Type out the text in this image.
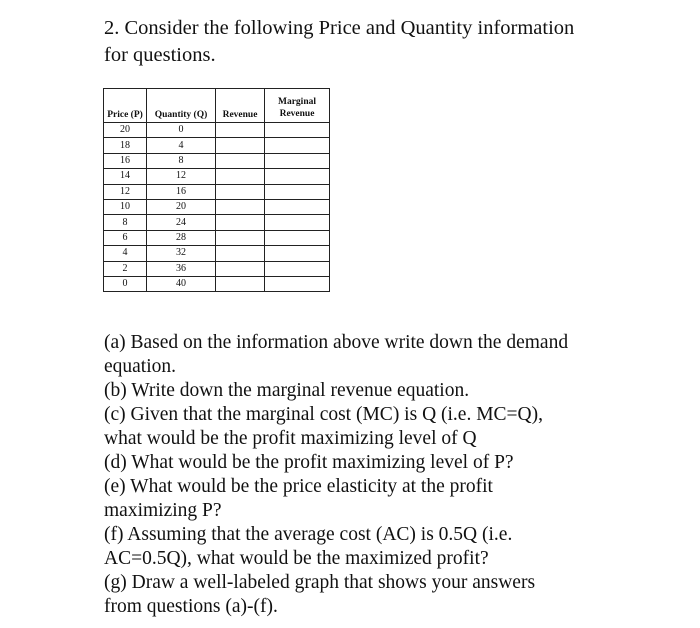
2. Consider the following Price and Quantity information
for questions.
Price (P)	Quantity (Q)	Revenue	Marginal
Revenue
20	0		
18	4		
16	8		
14	12		
12	16		
10	20		
8	24		
6	28		
4	32		
2	36		
0	40		
(a) Based on the information above write down the demand
equation.
(b) Write down the marginal revenue equation.
(c) Given that the marginal cost (MC) is Q (i.e. MC=Q),
what would be the profit maximizing level of Q
(d) What would be the profit maximizing level of P?
(e) What would be the price elasticity at the profit
maximizing P?
(f) Assuming that the average cost (AC) is 0.5Q (i.e.
AC=0.5Q), what would be the maximized profit?
(g) Draw a well-labeled graph that shows your answers
from questions (a)-(f).
